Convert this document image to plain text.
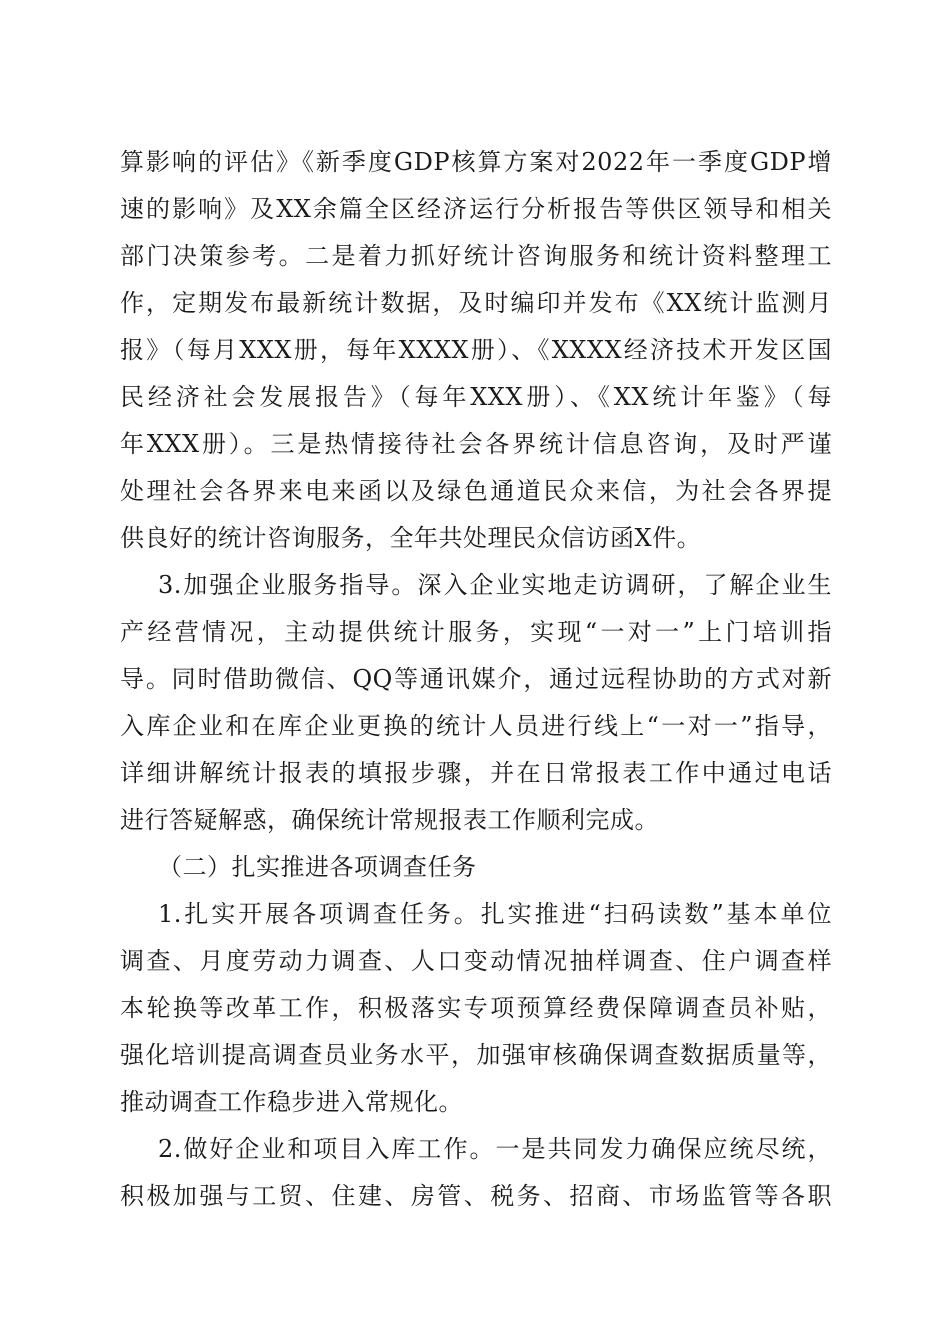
算影响的评估》《新季度GDP核算方案对2022年一季度GDP增
速的影响》及XX余篇全区经济运行分析报告等供区领导和相关
部门决策参考。二是着力抓好统计咨询服务和统计资料整理工
作，定期发布最新统计数据，及时编印并发布《XX统计监测月
报》（每月XXX册，每年XXXX册）、《XXXX经济技术开发区国
民经济社会发展报告》（每年XXX册）、《XX统计年鉴》（每
年XXX册）。三是热情接待社会各界统计信息咨询，及时严谨
处理社会各界来电来函以及绿色通道民众来信，为社会各界提
供良好的统计咨询服务，全年共处理民众信访函X件。
3.加强企业服务指导。深入企业实地走访调研，了解企业生
产经营情况，主动提供统计服务，实现“一对一”上门培训指
导。同时借助微信、QQ等通讯媒介，通过远程协助的方式对新
入库企业和在库企业更换的统计人员进行线上“一对一”指导，
详细讲解统计报表的填报步骤，并在日常报表工作中通过电话
进行答疑解惑，确保统计常规报表工作顺利完成。
（二）扎实推进各项调查任务
1.扎实开展各项调查任务。扎实推进“扫码读数”基本单位
调查、月度劳动力调查、人口变动情况抽样调查、住户调查样
本轮换等改革工作，积极落实专项预算经费保障调查员补贴，
强化培训提高调查员业务水平，加强审核确保调查数据质量等，
推动调查工作稳步进入常规化。
2.做好企业和项目入库工作。一是共同发力确保应统尽统，
积极加强与工贸、住建、房管、税务、招商、市场监管等各职
